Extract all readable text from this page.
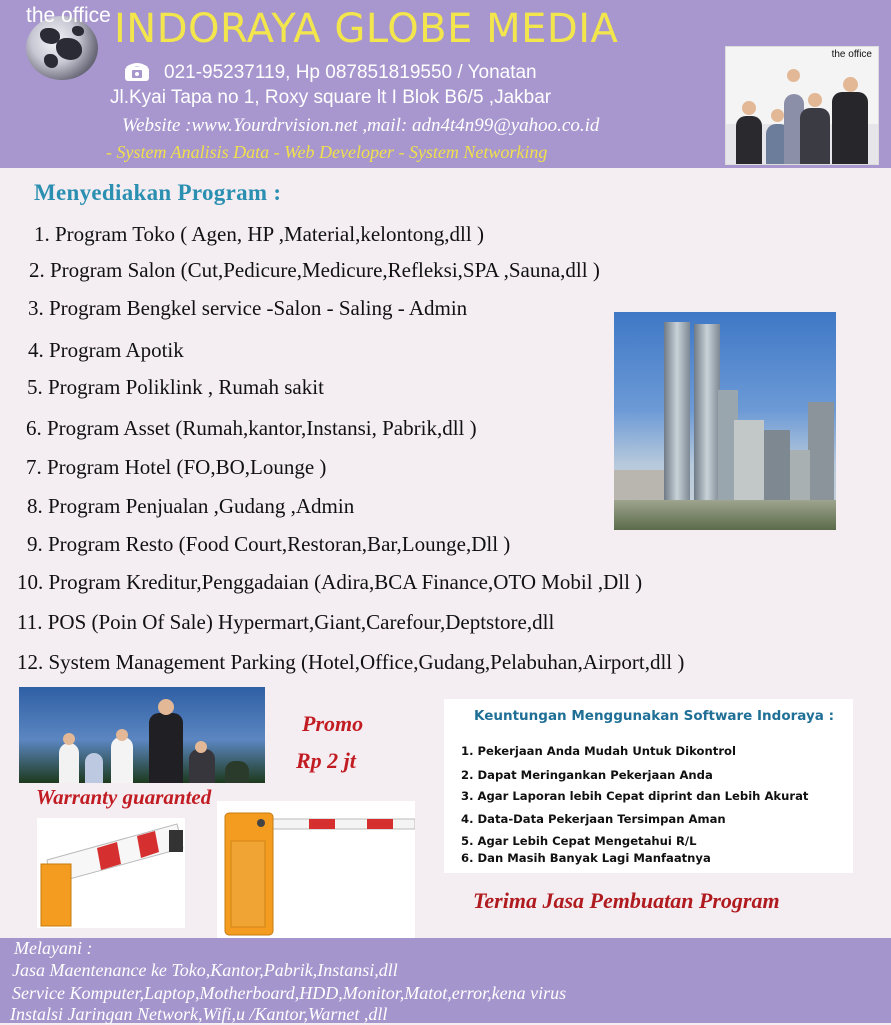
INDORAYA GLOBE MEDIA
021-95237119, Hp 087851819550 / Yonatan
Jl.Kyai Tapa no 1, Roxy square lt I Blok B6/5 ,Jakbar
Website :www.Yourdrvision.net ,mail: adn4t4n99@yahoo.co.id
- System Analisis Data - Web Developer - System Networking
the office
Menyediakan Program :
1. Program Toko ( Agen, HP ,Material,kelontong,dll )
2. Program Salon (Cut,Pedicure,Medicure,Refleksi,SPA ,Sauna,dll )
3. Program Bengkel service -Salon - Saling - Admin
4. Program Apotik
5. Program Poliklink , Rumah sakit
6. Program Asset (Rumah,kantor,Instansi, Pabrik,dll )
7. Program Hotel (FO,BO,Lounge )
8. Program Penjualan ,Gudang ,Admin
9. Program Resto (Food Court,Restoran,Bar,Lounge,Dll )
10. Program Kreditur,Penggadaian (Adira,BCA Finance,OTO Mobil ,Dll )
11. POS (Poin Of Sale) Hypermart,Giant,Carefour,Deptstore,dll
12. System Management Parking (Hotel,Office,Gudang,Pelabuhan,Airport,dll )
the office
Promo
Rp 2 jt
Warranty guaranted
Keuntungan Menggunakan Software Indoraya :
1. Pekerjaan Anda Mudah Untuk Dikontrol
2. Dapat Meringankan Pekerjaan Anda
3. Agar Laporan lebih Cepat diprint dan Lebih Akurat
4. Data-Data Pekerjaan Tersimpan Aman
5. Agar Lebih Cepat Mengetahui R/L
6. Dan Masih Banyak Lagi Manfaatnya
Terima Jasa Pembuatan Program
Melayani :
Jasa Maentenance ke Toko,Kantor,Pabrik,Instansi,dll
Service Komputer,Laptop,Motherboard,HDD,Monitor,Matot,error,kena virus
Instalsi Jaringan Network,Wifi,u /Kantor,Warnet ,dll
